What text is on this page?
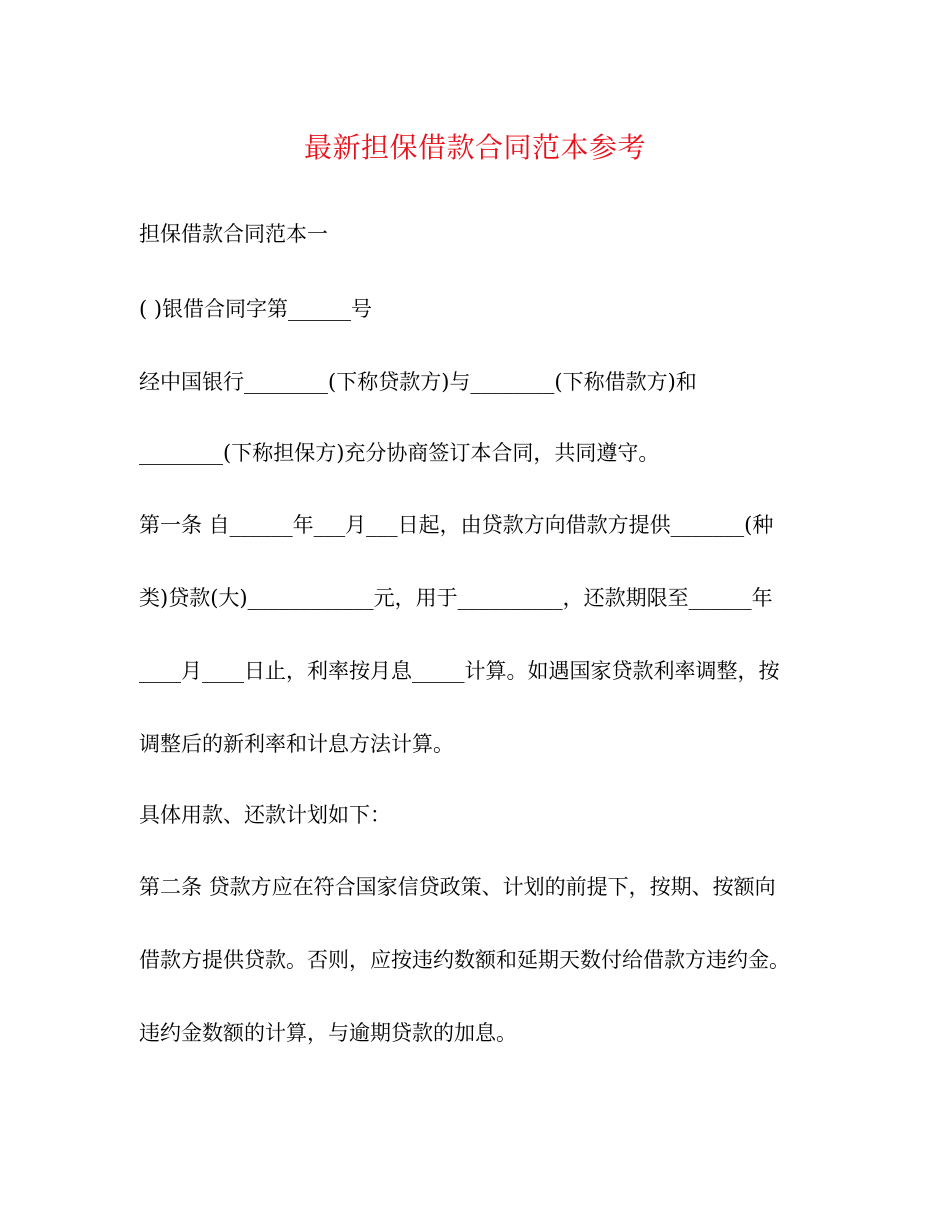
最新担保借款合同范本参考
担保借款合同范本一
( )银借合同字第______号
经中国银行________(下称贷款方)与________(下称借款方)和
________(下称担保方)充分协商签订本合同，共同遵守。
第一条 自______年___月___日起，由贷款方向借款方提供_______(种
类)贷款(大)____________元，用于__________，还款期限至______年
____月____日止，利率按月息_____计算。如遇国家贷款利率调整，按
调整后的新利率和计息方法计算。
具体用款、还款计划如下：
第二条 贷款方应在符合国家信贷政策、计划的前提下，按期、按额向
借款方提供贷款。否则，应按违约数额和延期天数付给借款方违约金。
违约金数额的计算，与逾期贷款的加息。
